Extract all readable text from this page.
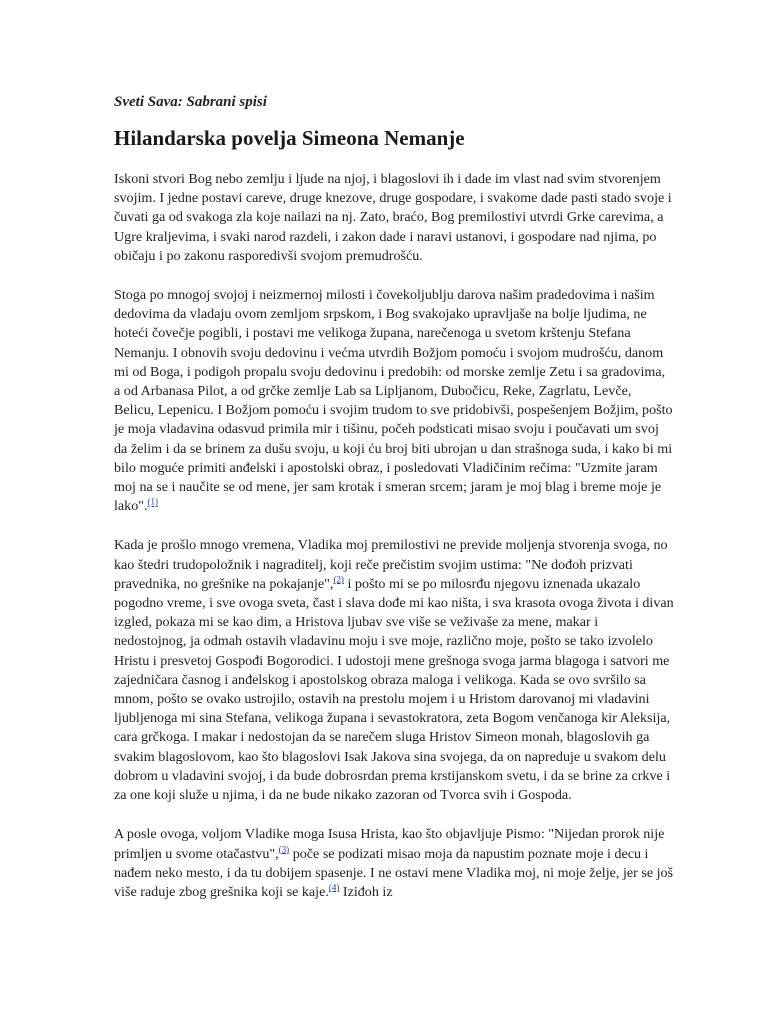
Sveti Sava: Sabrani spisi
Hilandarska povelja Simeona Nemanje

Iskoni stvori Bog nebo zemlju i ljude na njoj, i blagoslovi ih i dade im vlast nad svim stvorenjem svojim. I jedne postavi careve, druge knezove, druge gospodare, i svakome dade pasti stado svoje i čuvati ga od svakoga zla koje nailazi na nj. Zato, braćo, Bog premilostivi utvrdi Grke carevima, a Ugre kraljevima, i svaki narod razdeli, i zakon dade i naravi ustanovi, i gospodare nad njima, po običaju i po zakonu rasporedivši svojom premudrošću.

Stoga po mnogoj svojoj i neizmernoj milosti i čovekoljublju darova našim pradedovima i našim dedovima da vladaju ovom zemljom srpskom, i Bog svakojako upravljaše na bolje ljudima, ne hoteći čovečje pogibli, i postavi me velikoga župana, narečenoga u svetom krštenju Stefana Nemanju. I obnovih svoju dedovinu i većma utvrdih Božjom pomoću i svojom mudrošću, danom mi od Boga, i podigoh propalu svoju dedovinu i predobih: od morske zemlje Zetu i sa gradovima, a od Arbanasa Pilot, a od grčke zemlje Lab sa Lipljanom, Dubočicu, Reke, Zagrlatu, Levče, Belicu, Lepenicu. I Božjom pomoću i svojim trudom to sve pridobivši, pospešenjem Božjim, pošto je moja vladavina odasvud primila mir i tišinu, počeh podsticati misao svoju i poučavati um svoj da želim i da se brinem za dušu svoju, u koji ću broj biti ubrojan u dan strašnoga suda, i kako bi mi bilo moguće primiti anđelski i apostolski obraz, i posledovati Vladičinim rečima: "Uzmite jaram moj na se i naučite se od mene, jer sam krotak i smeran srcem; jaram je moj blag i breme moje je lako".$^{(1)}$

Kada je prošlo mnogo vremena, Vladika moj premilostivi ne previde moljenja stvorenja svoga, no kao štedri trudopoložnik i nagraditelj, koji reče prečistim svojim ustima: "Ne dođoh prizvati pravednika, no grešnike na pokajanje",$^{(2)}$ i pošto mi se po milosrđu njegovu iznenada ukazalo pogodno vreme, i sve ovoga sveta, čast i slava dođe mi kao ništa, i sva krasota ovoga života i divan izgled, pokaza mi se kao dim, a Hristova ljubav sve više se veživaše za mene, makar i nedostojnog, ja odmah ostavih vladavinu moju i sve moje, različno moje, pošto se tako izvolelo Hristu i presvetoj Gospođi Bogorodici. I udostoji mene grešnoga svoga jarma blagoga i satvori me zajedničara časnog i anđelskog i apostolskog obraza maloga i velikoga. Kada se ovo svršilo sa mnom, pošto se ovako ustrojilo, ostavih na prestolu mojem i u Hristom darovanoj mi vladavini ljubljenoga mi sina Stefana, velikoga župana i sevastokratora, zeta Bogom venčanoga kir Aleksija, cara grčkoga. I makar i nedostojan da se narečem sluga Hristov Simeon monah, blagoslovih ga svakim blagoslovom, kao što blagoslovi Isak Jakova sina svojega, da on napreduje u svakom delu dobrom u vladavini svojoj, i da bude dobrosrdan prema krstijanskom svetu, i da se brine za crkve i za one koji služe u njima, i da ne bude nikako zazoran od Tvorca svih i Gospoda.

A posle ovoga, voljom Vladike moga Isusa Hrista, kao što objavljuje Pismo: "Nijedan prorok nije primljen u svome otačastvu",$^{(3)}$ poče se podizati misao moja da napustim poznate moje i decu i nađem neko mesto, i da tu dobijem spasenje. I ne ostavi mene Vladika moj, ni moje želje, jer se još više raduje zbog grešnika koji se kaje.$^{(4)}$ Iziđoh iz
